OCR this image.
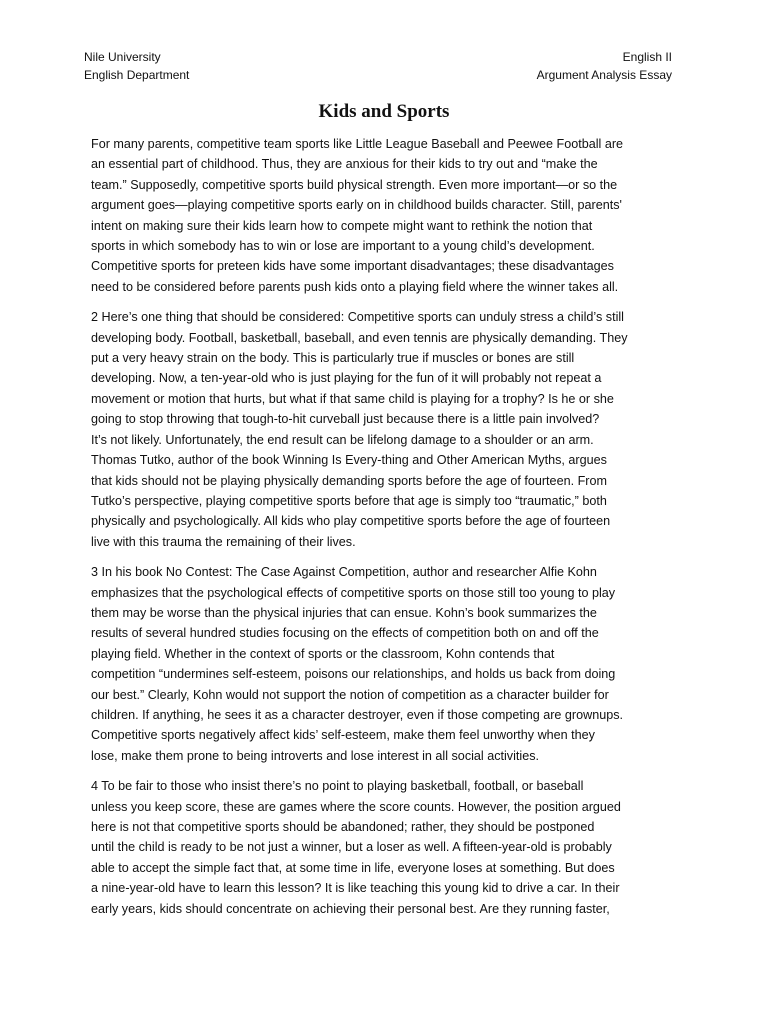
Nile University
English Department
English II
Argument Analysis Essay
Kids and Sports
For many parents, competitive team sports like Little League Baseball and Peewee Football are
an essential part of childhood. Thus, they are anxious for their kids to try out and “make the
team.” Supposedly, competitive sports build physical strength. Even more important—or so the
argument goes—playing competitive sports early on in childhood builds character. Still, parents'
intent on making sure their kids learn how to compete might want to rethink the notion that
sports in which somebody has to win or lose are important to a young child’s development.
Competitive sports for preteen kids have some important disadvantages; these disadvantages
need to be considered before parents push kids onto a playing field where the winner takes all.
2 Here’s one thing that should be considered: Competitive sports can unduly stress a child’s still
developing body. Football, basketball, baseball, and even tennis are physically demanding. They
put a very heavy strain on the body. This is particularly true if muscles or bones are still
developing. Now, a ten-year-old who is just playing for the fun of it will probably not repeat a
movement or motion that hurts, but what if that same child is playing for a trophy? Is he or she
going to stop throwing that tough-to-hit curveball just because there is a little pain involved?
It’s not likely. Unfortunately, the end result can be lifelong damage to a shoulder or an arm.
Thomas Tutko, author of the book Winning Is Every-thing and Other American Myths, argues
that kids should not be playing physically demanding sports before the age of fourteen. From
Tutko’s perspective, playing competitive sports before that age is simply too “traumatic,” both
physically and psychologically. All kids who play competitive sports before the age of fourteen
live with this trauma the remaining of their lives.
3 In his book No Contest: The Case Against Competition, author and researcher Alfie Kohn
emphasizes that the psychological effects of competitive sports on those still too young to play
them may be worse than the physical injuries that can ensue. Kohn’s book summarizes the
results of several hundred studies focusing on the effects of competition both on and off the
playing field. Whether in the context of sports or the classroom, Kohn contends that
competition “undermines self-esteem, poisons our relationships, and holds us back from doing
our best.” Clearly, Kohn would not support the notion of competition as a character builder for
children. If anything, he sees it as a character destroyer, even if those competing are grownups.
Competitive sports negatively affect kids’ self-esteem, make them feel unworthy when they
lose, make them prone to being introverts and lose interest in all social activities.
4 To be fair to those who insist there’s no point to playing basketball, football, or baseball
unless you keep score, these are games where the score counts. However, the position argued
here is not that competitive sports should be abandoned; rather, they should be postponed
until the child is ready to be not just a winner, but a loser as well. A fifteen-year-old is probably
able to accept the simple fact that, at some time in life, everyone loses at something. But does
a nine-year-old have to learn this lesson? It is like teaching this young kid to drive a car. In their
early years, kids should concentrate on achieving their personal best. Are they running faster,
